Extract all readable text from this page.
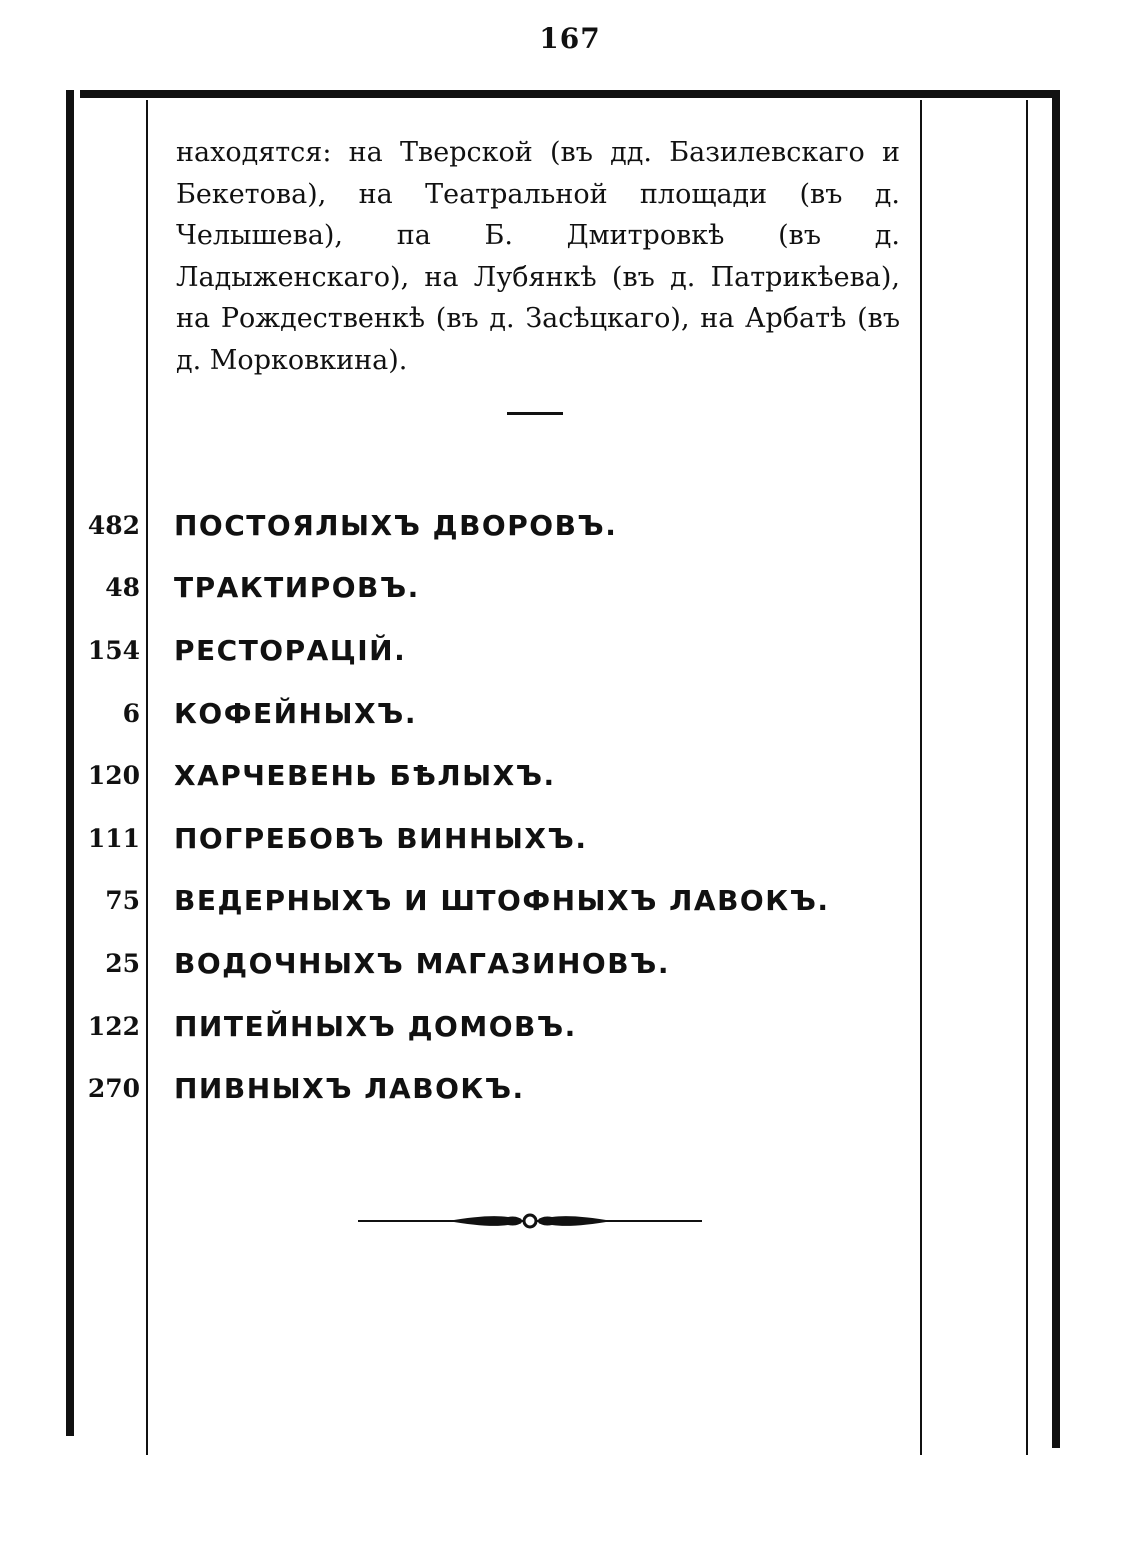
167

находятся: на Тверской (въ дд. Базилевскаго и Бекетова), на Театральной площади (въ д. Челышева), па Б. Дмитровкѣ (въ д. Ладыженскаго), на Лубянкѣ (въ д. Патрикѣева), на Рождественкѣ (въ д. Засѣцкаго), на Арбатѣ (въ д. Морковкина).

482 ПОСТОЯЛЫХЪ ДВОРОВЪ.
48 ТРАКТИРОВЪ.
154 РЕСТОРАЦІЙ.
6 КОФЕЙНЫХЪ.
120 ХАРЧЕВЕНЬ БѢЛЫХЪ.
111 ПОГРЕБОВЪ ВИННЫХЪ.
75 ВЕДЕРНЫХЪ И ШТОФНЫХЪ ЛАВОКЪ.
25 ВОДОЧНЫХЪ МАГАЗИНОВЪ.
122 ПИТЕЙНЫХЪ ДОМОВЪ.
270 ПИВНЫХЪ ЛАВОКЪ.
